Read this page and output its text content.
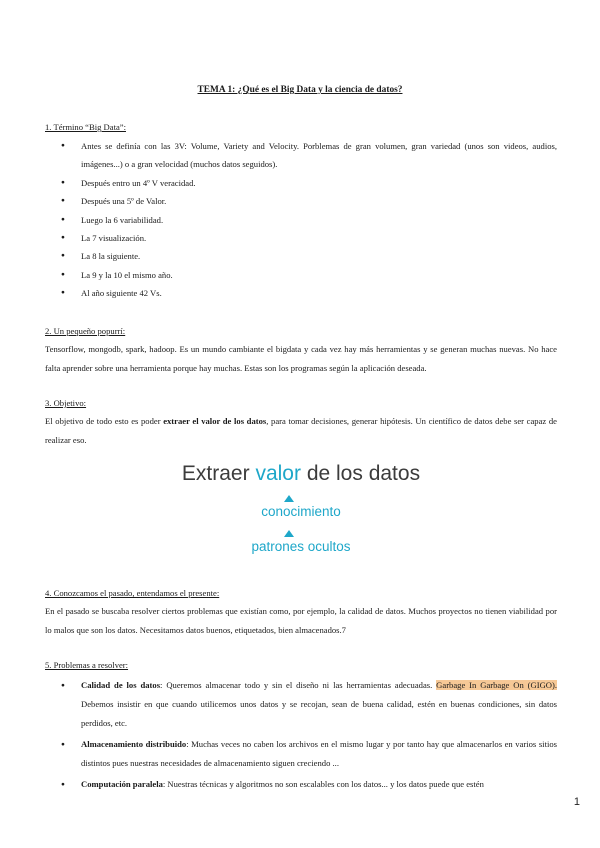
TEMA 1: ¿Qué es el Big Data y la ciencia de datos?
1. Término “Big Data”:
● Antes se definía con las 3V: Volume, Variety and Velocity. Porblemas de gran volumen, gran variedad (unos son videos, audios, imágenes...) o a gran velocidad (muchos datos seguidos).
● Después entro un 4º V veracidad.
● Después una 5º de Valor.
● Luego la 6 variabilidad.
● La 7 visualización.
● La 8 la siguiente.
● La 9 y la 10 el mismo año.
● Al año siguiente 42 Vs.
2. Un pequeño popurrí:
Tensorflow, mongodb, spark, hadoop. Es un mundo cambiante el bigdata y cada vez hay más herramientas y se generan muchas nuevas. No hace falta aprender sobre una herramienta porque hay muchas. Estas son los programas según la aplicación deseada.
3. Objetivo:
El objetivo de todo esto es poder extraer el valor de los datos, para tomar decisiones, generar hipótesis. Un científico de datos debe ser capaz de realizar eso.
Extraer valor de los datos
conocimiento
patrones ocultos
4. Conozcamos el pasado, entendamos el presente:
En el pasado se buscaba resolver ciertos problemas que existían como, por ejemplo, la calidad de datos. Muchos proyectos no tienen viabilidad por lo malos que son los datos. Necesitamos datos buenos, etiquetados, bien almacenados.7
5. Problemas a resolver:
● Calidad de los datos: Queremos almacenar todo y sin el diseño ni las herramientas adecuadas. Garbage In Garbage On (GIGO). Debemos insistir en que cuando utilicemos unos datos y se recojan, sean de buena calidad, estén en buenas condiciones, sin datos perdidos, etc.
● Almacenamiento distribuido: Muchas veces no caben los archivos en el mismo lugar y por tanto hay que almacenarlos en varios sitios distintos pues nuestras necesidades de almacenamiento siguen creciendo ...
● Computación paralela: Nuestras técnicas y algoritmos no son escalables con los datos... y los datos puede que estén
1
